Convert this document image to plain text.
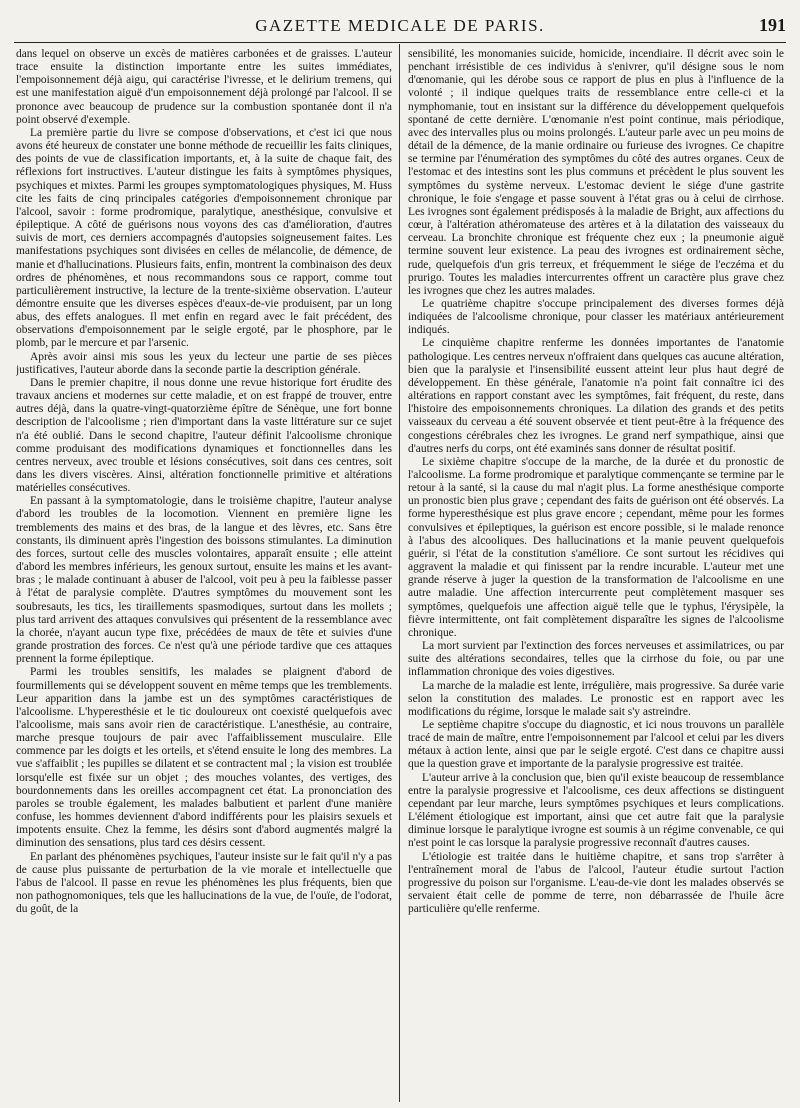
GAZETTE MEDICALE DE PARIS.	191

dans lequel on observe un excès de matières carbonées et de graisses. L'auteur trace ensuite la distinction importante entre les suites immédiates, l'empoisonnement déjà aigu, qui caractérise l'ivresse, et le delirium tremens, qui est une manifestation aiguë d'un empoisonnement déjà prolongé par l'alcool. Il se prononce avec beaucoup de prudence sur la combustion spontanée dont il n'a point observé d'exemple.

La première partie du livre se compose d'observations, et c'est ici que nous avons été heureux de constater une bonne méthode de recueillir les faits cliniques, des points de vue de classification importants, et, à la suite de chaque fait, des réflexions fort instructives. L'auteur distingue les faits à symptômes physiques, psychiques et mixtes. Parmi les groupes symptomatologiques physiques, M. Huss cite les faits de cinq principales catégories d'empoisonnement chronique par l'alcool, savoir : forme prodromique, paralytique, anesthésique, convulsive et épileptique. A côté de guérisons nous voyons des cas d'amélioration, d'autres suivis de mort, ces derniers accompagnés d'autopsies soigneusement faites. Les manifestations psychiques sont divisées en celles de mélancolie, de démence, de manie et d'hallucinations. Plusieurs faits, enfin, montrent la combinaison des deux ordres de phénomènes, et nous recommandons sous ce rapport, comme tout particulièrement instructive, la lecture de la trente-sixième observation. L'auteur démontre ensuite que les diverses espèces d'eaux-de-vie produisent, par un long abus, des effets analogues. Il met enfin en regard avec le fait précédent, des observations d'empoisonnement par le seigle ergoté, par le phosphore, par le plomb, par le mercure et par l'arsenic.

Après avoir ainsi mis sous les yeux du lecteur une partie de ses pièces justificatives, l'auteur aborde dans la seconde partie la description générale.

Dans le premier chapitre, il nous donne une revue historique fort érudite des travaux anciens et modernes sur cette maladie, et on est frappé de trouver, entre autres déjà, dans la quatre-vingt-quatorzième épître de Sénèque, une fort bonne description de l'alcoolisme ; rien d'important dans la vaste littérature sur ce sujet n'a été oublié. Dans le second chapitre, l'auteur définit l'alcoolisme chronique comme produisant des modifications dynamiques et fonctionnelles dans les centres nerveux, avec trouble et lésions consécutives, soit dans ces centres, soit dans les divers viscères. Ainsi, altération fonctionnelle primitive et altérations matérielles consécutives.

En passant à la symptomatologie, dans le troisième chapitre, l'auteur analyse d'abord les troubles de la locomotion. Viennent en première ligne les tremblements des mains et des bras, de la langue et des lèvres, etc. Sans être constants, ils diminuent après l'ingestion des boissons stimulantes. La diminution des forces, surtout celle des muscles volontaires, apparaît ensuite ; elle atteint d'abord les membres inférieurs, les genoux surtout, ensuite les mains et les avant-bras ; le malade continuant à abuser de l'alcool, voit peu à peu la faiblesse passer à l'état de paralysie complète. D'autres symptômes du mouvement sont les soubresauts, les tics, les tiraillements spasmodiques, surtout dans les mollets ; plus tard arrivent des attaques convulsives qui présentent de la ressemblance avec la chorée, n'ayant aucun type fixe, précédées de maux de tête et suivies d'une grande prostration des forces. Ce n'est qu'à une période tardive que ces attaques prennent la forme épileptique.

Parmi les troubles sensitifs, les malades se plaignent d'abord de fourmillements qui se développent souvent en même temps que les tremblements. Leur apparition dans la jambe est un des symptômes caractéristiques de l'alcoolisme. L'hyperesthésie et le tic douloureux ont coexisté quelquefois avec l'alcoolisme, mais sans avoir rien de caractéristique. L'anesthésie, au contraire, marche presque toujours de pair avec l'affaiblissement musculaire. Elle commence par les doigts et les orteils, et s'étend ensuite le long des membres. La vue s'affaiblit ; les pupilles se dilatent et se contractent mal ; la vision est troublée lorsqu'elle est fixée sur un objet ; des mouches volantes, des vertiges, des bourdonnements dans les oreilles accompagnent cet état. La prononciation des paroles se trouble également, les malades balbutient et parlent d'une manière confuse, les hommes deviennent d'abord indifférents pour les plaisirs sexuels et impotents ensuite. Chez la femme, les désirs sont d'abord augmentés malgré la diminution des sensations, plus tard ces désirs cessent.

En parlant des phénomènes psychiques, l'auteur insiste sur le fait qu'il n'y a pas de cause plus puissante de perturbation de la vie morale et intellectuelle que l'abus de l'alcool. Il passe en revue les phénomènes les plus fréquents, bien que non pathognomoniques, tels que les hallucinations de la vue, de l'ouïe, de l'odorat, du goût, de la

sensibilité, les monomanies suicide, homicide, incendiaire. Il décrit avec soin le penchant irrésistible de ces individus à s'enivrer, qu'il désigne sous le nom d'œnomanie, qui les dérobe sous ce rapport de plus en plus à l'influence de la volonté ; il indique quelques traits de ressemblance entre celle-ci et la nymphomanie, tout en insistant sur la différence du développement quelquefois spontané de cette dernière. L'œnomanie n'est point continue, mais périodique, avec des intervalles plus ou moins prolongés. L'auteur parle avec un peu moins de détail de la démence, de la manie ordinaire ou furieuse des ivrognes. Ce chapitre se termine par l'énumération des symptômes du côté des autres organes. Ceux de l'estomac et des intestins sont les plus communs et précèdent le plus souvent les symptômes du système nerveux. L'estomac devient le siége d'une gastrite chronique, le foie s'engage et passe souvent à l'état gras ou à celui de cirrhose. Les ivrognes sont également prédisposés à la maladie de Bright, aux affections du cœur, à l'altération athéromateuse des artères et à la dilatation des vaisseaux du cerveau. La bronchite chronique est fréquente chez eux ; la pneumonie aiguë termine souvent leur existence. La peau des ivrognes est ordinairement sèche, rude, quelquefois d'un gris terreux, et fréquemment le siége de l'eczéma et du prurigo. Toutes les maladies intercurrentes offrent un caractère plus grave chez les ivrognes que chez les autres malades.

Le quatrième chapitre s'occupe principalement des diverses formes déjà indiquées de l'alcoolisme chronique, pour classer les matériaux antérieurement indiqués.

Le cinquième chapitre renferme les données importantes de l'anatomie pathologique. Les centres nerveux n'offraient dans quelques cas aucune altération, bien que la paralysie et l'insensibilité eussent atteint leur plus haut degré de développement. En thèse générale, l'anatomie n'a point fait connaître ici des altérations en rapport constant avec les symptômes, fait fréquent, du reste, dans l'histoire des empoisonnements chroniques. La dilation des grands et des petits vaisseaux du cerveau a été souvent observée et tient peut-être à la fréquence des congestions cérébrales chez les ivrognes. Le grand nerf sympathique, ainsi que d'autres nerfs du corps, ont été examinés sans donner de résultat positif.

Le sixième chapitre s'occupe de la marche, de la durée et du pronostic de l'alcoolisme. La forme prodromique et paralytique commençante se termine par le retour à la santé, si la cause du mal n'agit plus. La forme anesthésique comporte un pronostic bien plus grave ; cependant des faits de guérison ont été observés. La forme hyperesthésique est plus grave encore ; cependant, même pour les formes convulsives et épileptiques, la guérison est encore possible, si le malade renonce à l'abus des alcooliques. Des hallucinations et la manie peuvent quelquefois guérir, si l'état de la constitution s'améliore. Ce sont surtout les récidives qui aggravent la maladie et qui finissent par la rendre incurable. L'auteur met une grande réserve à juger la question de la transformation de l'alcoolisme en une autre maladie. Une affection intercurrente peut complètement masquer ses symptômes, quelquefois une affection aiguë telle que le typhus, l'érysipèle, la fièvre intermittente, ont fait complètement disparaître les signes de l'alcoolisme chronique.

La mort survient par l'extinction des forces nerveuses et assimilatrices, ou par suite des altérations secondaires, telles que la cirrhose du foie, ou par une inflammation chronique des voies digestives.

La marche de la maladie est lente, irrégulière, mais progressive. Sa durée varie selon la constitution des malades. Le pronostic est en rapport avec les modifications du régime, lorsque le malade sait s'y astreindre.

Le septième chapitre s'occupe du diagnostic, et ici nous trouvons un parallèle tracé de main de maître, entre l'empoisonnement par l'alcool et celui par les divers métaux à action lente, ainsi que par le seigle ergoté. C'est dans ce chapitre aussi que la question grave et importante de la paralysie progressive est traitée.

L'auteur arrive à la conclusion que, bien qu'il existe beaucoup de ressemblance entre la paralysie progressive et l'alcoolisme, ces deux affections se distinguent cependant par leur marche, leurs symptômes psychiques et leurs complications. L'élément étiologique est important, ainsi que cet autre fait que la paralysie diminue lorsque le paralytique ivrogne est soumis à un régime convenable, ce qui n'est point le cas lorsque la paralysie progressive reconnaît d'autres causes.

L'étiologie est traitée dans le huitième chapitre, et sans trop s'arrêter à l'entraînement moral de l'abus de l'alcool, l'auteur étudie surtout l'action progressive du poison sur l'organisme. L'eau-de-vie dont les malades observés se servaient était celle de pomme de terre, non débarrassée de l'huile âcre particulière qu'elle renferme.
